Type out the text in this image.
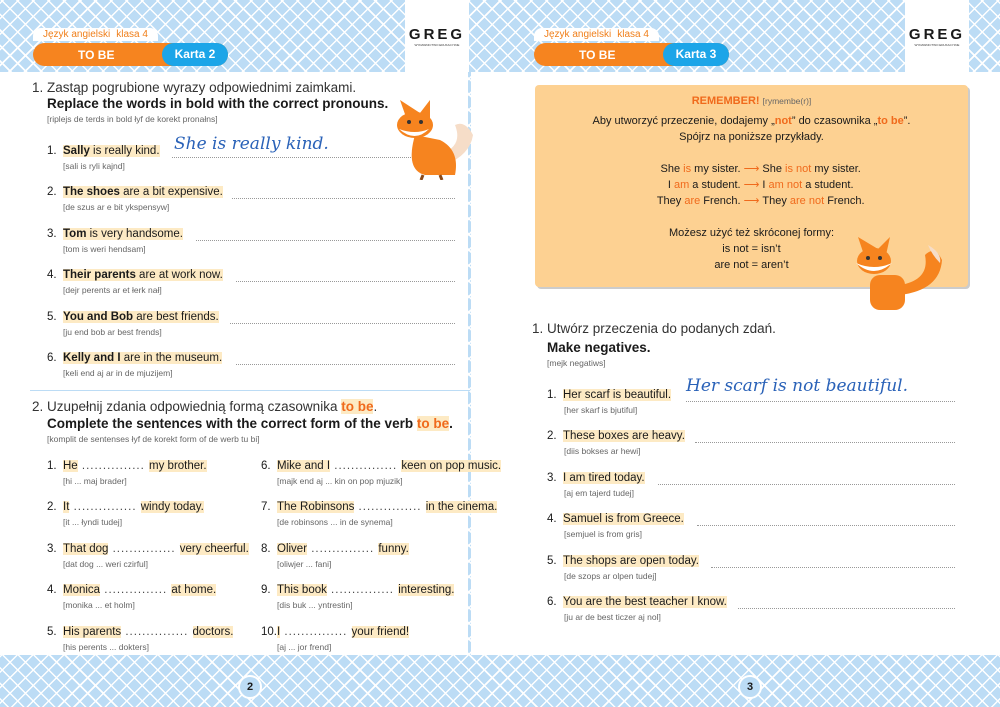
GREG
WYDAWNICTWO EDUKACYJNE
GREG
WYDAWNICTWO EDUKACYJNE
Język angielski klasa 4
TO BE	Karta 2
Język angielski klasa 4
TO BE	Karta 3
1. Zastąp pogrubione wyrazy odpowiednimi zaimkami.
Replace the words in bold with the correct pronouns.
[riplejs de terds in bold łyf de korekt pronałns]
She is really kind.
1. Sally is really kind.
[sali is ryli kajnd]
2. The shoes are a bit expensive.
[de szus ar e bit ykspensyw]
3. Tom is very handsome.
[tom is weri hendsam]
4. Their parents are at work now.
[dejr perents ar et łerk nał]
5. You and Bob are best friends.
[ju end bob ar best frends]
6. Kelly and I are in the museum.
[keli end aj ar in de mjuzijem]
2. Uzupełnij zdania odpowiednią formą czasownika to be.
Complete the sentences with the correct form of the verb to be.
[komplit de sentenses łyf de korekt form of de werb tu bi]
1. He ............... my brother.
[hi ... maj brader]
6. Mike and I ............... keen on pop music.
[majk end aj ... kin on pop mjuzik]
2. It ............... windy today.
[it ... łyndi tudej]
7. The Robinsons ............... in the cinema.
[de robinsons ... in de synema]
3. That dog ............... very cheerful.
[dat dog ... weri czirful]
8. Oliver ............... funny.
[oliwjer ... fani]
4. Monica ............... at home.
[monika ... et holm]
9. This book ............... interesting.
[dis buk ... yntrestin]
5. His parents ............... doctors.
[his perents ... dokters]
10. I ............... your friend!
[aj ... jor frend]

REMEMBER! [rymembe(r)]

Aby utworzyć przeczenie, dodajemy „not” do czasownika „to be”.

Spójrz na poniższe przykłady.

She is my sister. ⟶ She is not my sister.

I am a student. ⟶ I am not a student.

They are French. ⟶ They are not French.

Możesz użyć też skróconej formy:

is not = isn’t

are not = aren’t

1. Utwórz przeczenia do podanych zdań.
Make negatives.
[mejk negatiws]
Her scarf is not beautiful.
1. Her scarf is beautiful.
[her skarf is bjutiful]
2. These boxes are heavy.
[diis bokses ar hewi]
3. I am tired today.
[aj em tajerd tudej]
4. Samuel is from Greece.
[semjuel is from gris]
5. The shops are open today.
[de szops ar olpen tudej]
6. You are the best teacher I know.
[ju ar de best ticzer aj nol]
2	3
